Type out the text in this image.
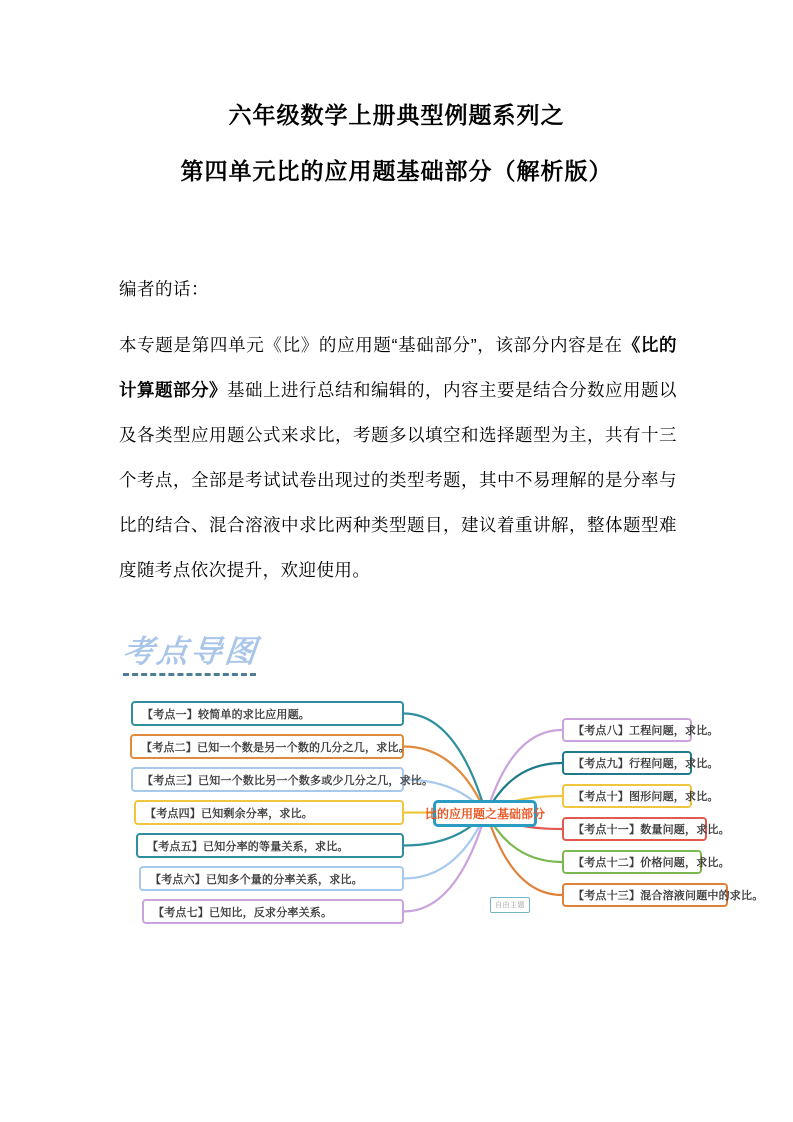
六年级数学上册典型例题系列之
第四单元比的应用题基础部分（解析版）

编者的话：

本专题是第四单元《比》的应用题“基础部分”，该部分内容是在《比的计算题部分》基础上进行总结和编辑的，内容主要是结合分数应用题以及各类型应用题公式来求比，考题多以填空和选择题型为主，共有十三个考点，全部是考试试卷出现过的类型考题，其中不易理解的是分率与比的结合、混合溶液中求比两种类型题目，建议着重讲解，整体题型难度随考点依次提升，欢迎使用。

考点导图
【考点一】较简单的求比应用题。
【考点二】已知一个数是另一个数的几分之几，求比。
【考点三】已知一个数比另一个数多或少几分之几，求比。
【考点四】已知剩余分率，求比。
【考点五】已知分率的等量关系，求比。
【考点六】已知多个量的分率关系，求比。
【考点七】已知比，反求分率关系。
【考点八】工程问题，求比。
【考点九】行程问题，求比。
【考点十】图形问题，求比。
【考点十一】数量问题，求比。
【考点十二】价格问题，求比。
【考点十三】混合溶液问题中的求比。
比的应用题之基础部分
自由主题
